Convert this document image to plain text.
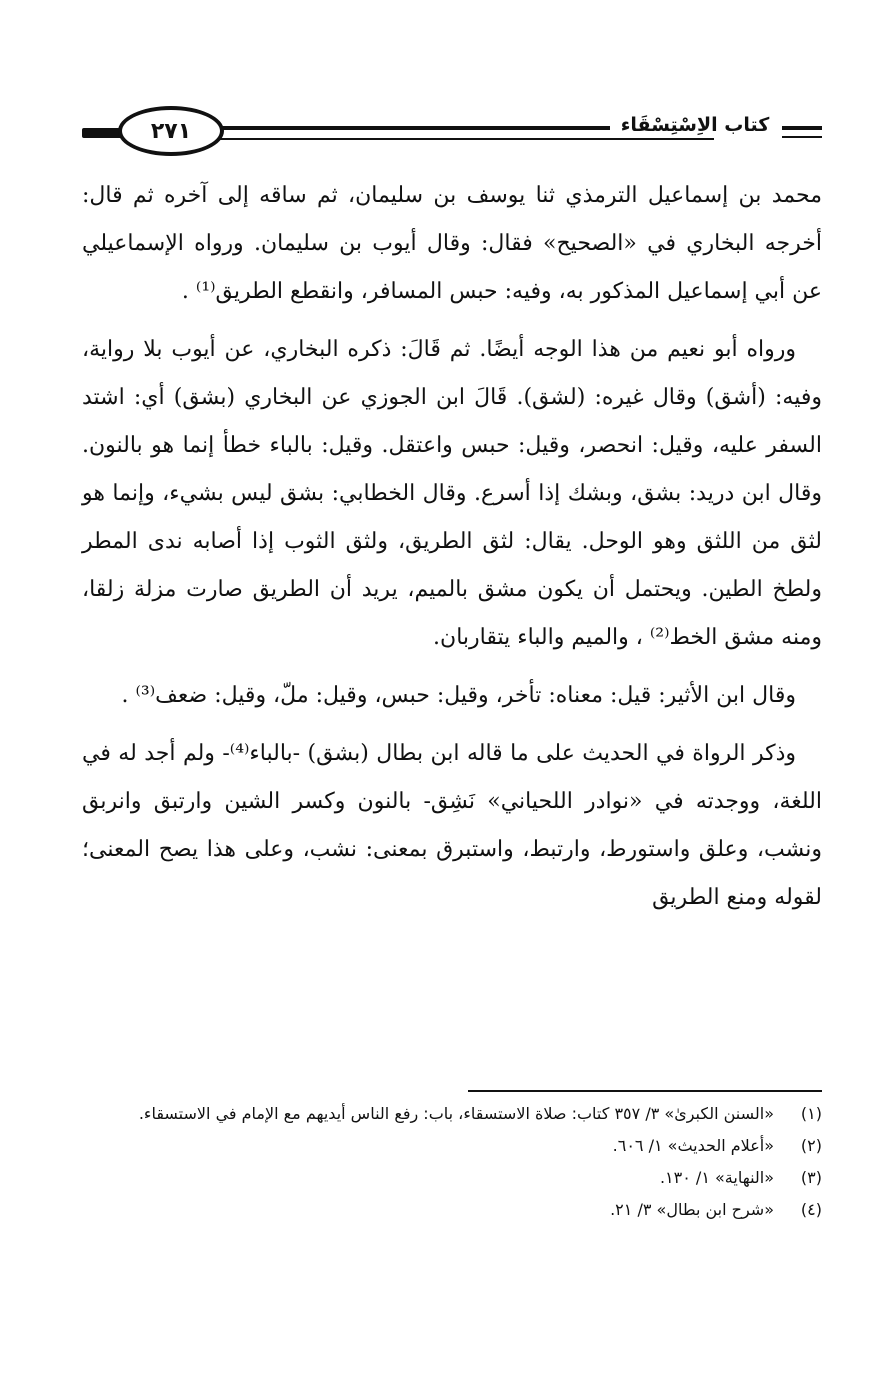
٢٧١	كتاب الاِسْتِسْقَاء

محمد بن إسماعيل الترمذي ثنا يوسف بن سليمان، ثم ساقه إلى آخره ثم قال: أخرجه البخاري في «الصحيح» فقال: وقال أيوب بن سليمان. ورواه الإسماعيلي عن أبي إسماعيل المذكور به، وفيه: حبس المسافر، وانقطع الطريق⁽¹⁾ .

ورواه أبو نعيم من هذا الوجه أيضًا. ثم قَالَ: ذكره البخاري، عن أيوب بلا رواية، وفيه: (أشق) وقال غيره: (لشق). قَالَ ابن الجوزي عن البخاري (بشق) أي: اشتد السفر عليه، وقيل: انحصر، وقيل: حبس واعتقل. وقيل: بالباء خطأ إنما هو بالنون. وقال ابن دريد: بشق، وبشك إذا أسرع. وقال الخطابي: بشق ليس بشيء، وإنما هو لثق من اللثق وهو الوحل. يقال: لثق الطريق، ولثق الثوب إذا أصابه ندى المطر ولطخ الطين. ويحتمل أن يكون مشق بالميم، يريد أن الطريق صارت مزلة زلقا، ومنه مشق الخط⁽²⁾ ، والميم والباء يتقاربان.

وقال ابن الأثير: قيل: معناه: تأخر، وقيل: حبس، وقيل: ملّ، وقيل: ضعف⁽³⁾ .

وذكر الرواة في الحديث على ما قاله ابن بطال (بشق) -بالباء⁽⁴⁾- ولم أجد له في اللغة، ووجدته في «نوادر اللحياني» نَشِق- بالنون وكسر الشين وارتبق وانربق ونشب، وعلق واستورط، وارتبط، واستبرق بمعنى: نشب، وعلى هذا يصح المعنى؛ لقوله ومنع الطريق

(١)
«السنن الكبرىٰ» ٣/ ٣٥٧ كتاب: صلاة الاستسقاء، باب: رفع الناس أيديهم مع الإمام في الاستسقاء.
(٢)
«أعلام الحديث» ١/ ٦٠٦.
(٣)
«النهاية» ١/ ١٣٠.
(٤)
«شرح ابن بطال» ٣/ ٢١.
